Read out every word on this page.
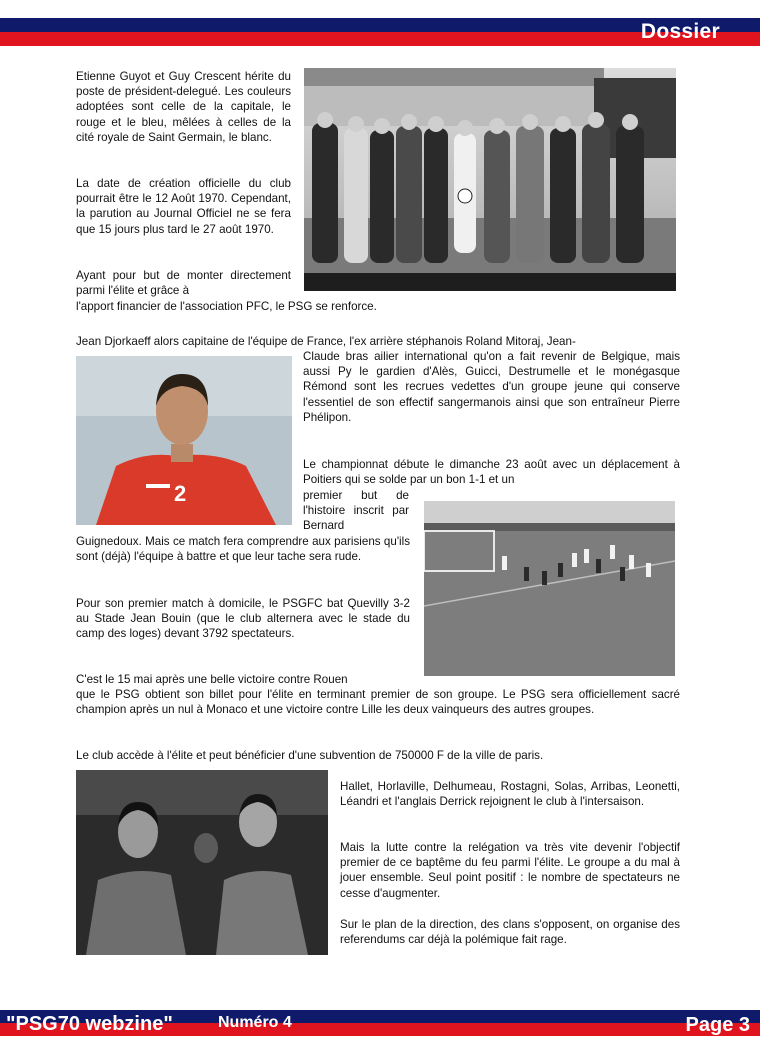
Dossier

Etienne Guyot et Guy Crescent hérite du poste de président-delegué. Les couleurs adoptées sont celle de la capitale, le rouge et le bleu, mêlées à celles de la cité royale de Saint Germain, le blanc.

La date de création officielle du club pourrait être le 12 Août 1970. Cependant, la parution au Journal Officiel ne se fera que 15 jours plus tard le 27 août 1970.

Ayant pour but de monter directement parmi l'élite et grâce à

l'apport financier de l'association PFC, le PSG se renforce.

Jean Djorkaeff alors capitaine de l'équipe de France, l'ex arrière stéphanois Roland Mitoraj, Jean-

2

Claude bras ailier international qu'on a fait revenir de Belgique, mais aussi Py le gardien d'Alès, Guicci, Destrumelle et le monégasque Rémond sont les recrues vedettes d'un groupe jeune qui conserve l'essentiel de son effectif sangermanois ainsi que son entraîneur Pierre Phélipon.

Le championnat débute le dimanche 23 août avec un déplacement à Poitiers qui se solde par un bon 1-1 et un

premier but de l'histoire inscrit par Bernard

Guignedoux. Mais ce match fera comprendre aux parisiens qu'ils sont (déjà) l'équipe à battre et que leur tache sera rude.

Pour son premier match à domicile, le PSGFC bat Quevilly 3-2 au Stade Jean Bouin (que le club alternera avec le stade du camp des loges) devant 3792 spectateurs.

C'est le 15 mai après une belle victoire contre Rouen

que le PSG obtient son billet pour l'élite en terminant premier de son groupe. Le PSG sera officiellement sacré champion après un nul à Monaco et une victoire contre Lille les deux vainqueurs des autres groupes.

Le club accède à l'élite et peut bénéficier d'une subvention de 750000 F de la ville de paris.

Hallet, Horlaville, Delhumeau, Rostagni, Solas, Arribas, Leonetti, Léandri et l'anglais Derrick rejoignent le club à l'intersaison.

Mais la lutte contre la relégation va très vite devenir l'objectif premier de ce baptême du feu parmi l'élite. Le groupe a du mal à jouer ensemble. Seul point positif : le nombre de spectateurs ne cesse d'augmenter.

Sur le plan de la direction, des clans s'opposent, on organise des referendums car déjà la polémique fait rage.

"PSG70 webzine"	Numéro 4	Page 3
